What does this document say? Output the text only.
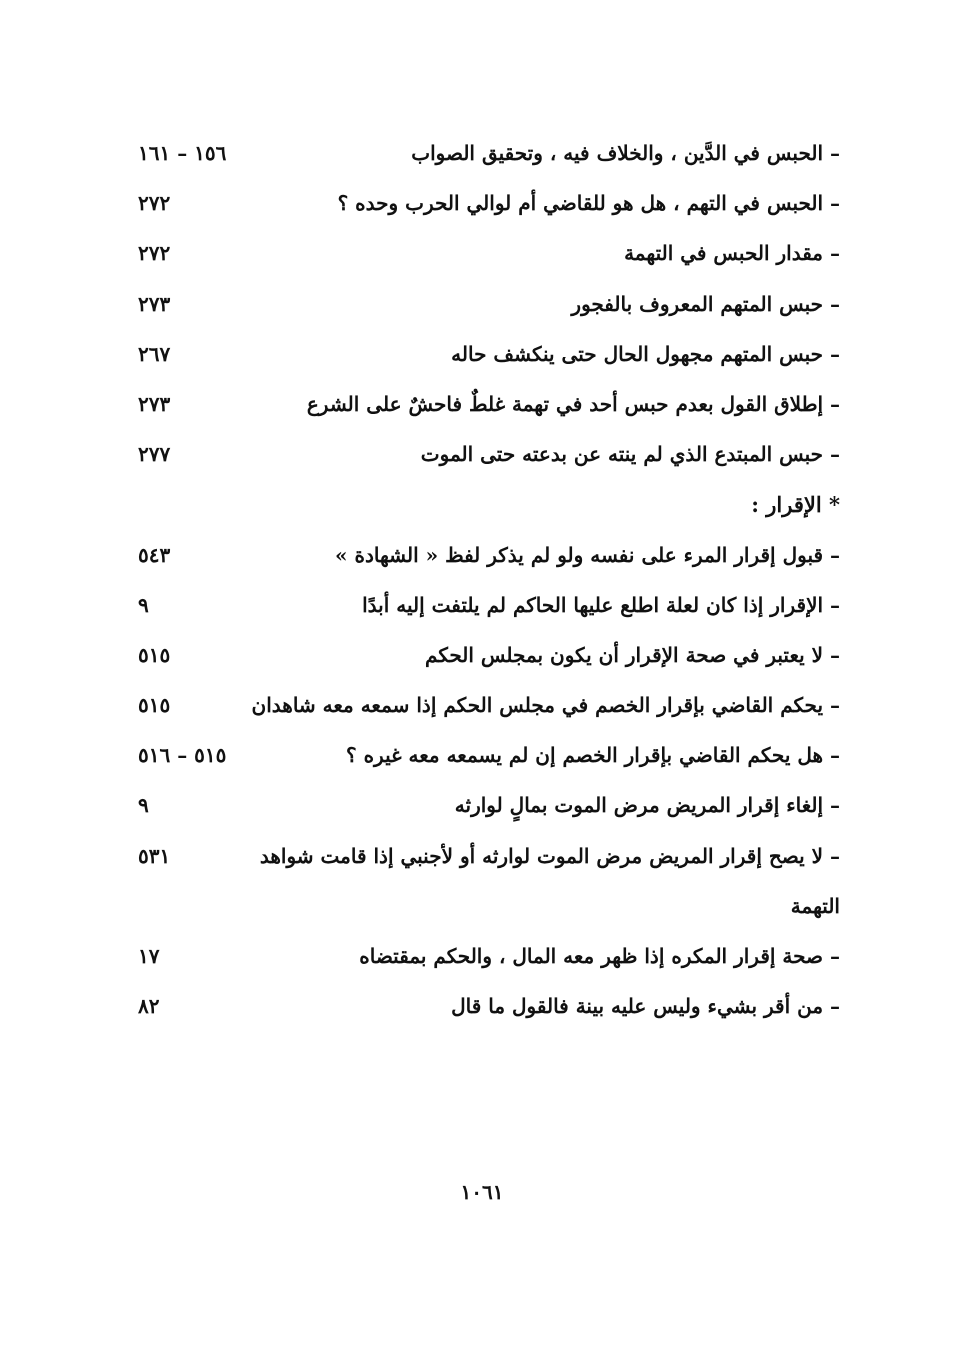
– الحبس في الدَّين ، والخلاف فيه ، وتحقيق الصواب
١٥٦ – ١٦١
– الحبس في التهم ، هل هو للقاضي أم لوالي الحرب وحده ؟
٢٧٢
– مقدار الحبس في التهمة
٢٧٢
– حبس المتهم المعروف بالفجور
٢٧٣
– حبس المتهم مجهول الحال حتى ينكشف حاله
٢٦٧
– إطلاق القول بعدم حبس أحد في تهمة غلطٌ فاحشٌ على الشرع
٢٧٣
– حبس المبتدع الذي لم ينته عن بدعته حتى الموت
٢٧٧
* الإقرار :
– قبول إقرار المرء على نفسه ولو لم يذكر لفظ « الشهادة »
٥٤٣
– الإقرار إذا كان لعلة اطلع عليها الحاكم لم يلتفت إليه أبدًا
٩
– لا يعتبر في صحة الإقرار أن يكون بمجلس الحكم
٥١٥
– يحكم القاضي بإقرار الخصم في مجلس الحكم إذا سمعه معه شاهدان
٥١٥
– هل يحكم القاضي بإقرار الخصم إن لم يسمعه معه غيره ؟
٥١٥ – ٥١٦
– إلغاء إقرار المريض مرض الموت بمالٍ لوارثه
٩
– لا يصح إقرار المريض مرض الموت لوارثه أو لأجنبي إذا قامت شواهد
٥٣١
التهمة
– صحة إقرار المكره إذا ظهر معه المال ، والحكم بمقتضاه
١٧
– من أقر بشيء وليس عليه بينة فالقول ما قال
٨٢
١٠٦١
